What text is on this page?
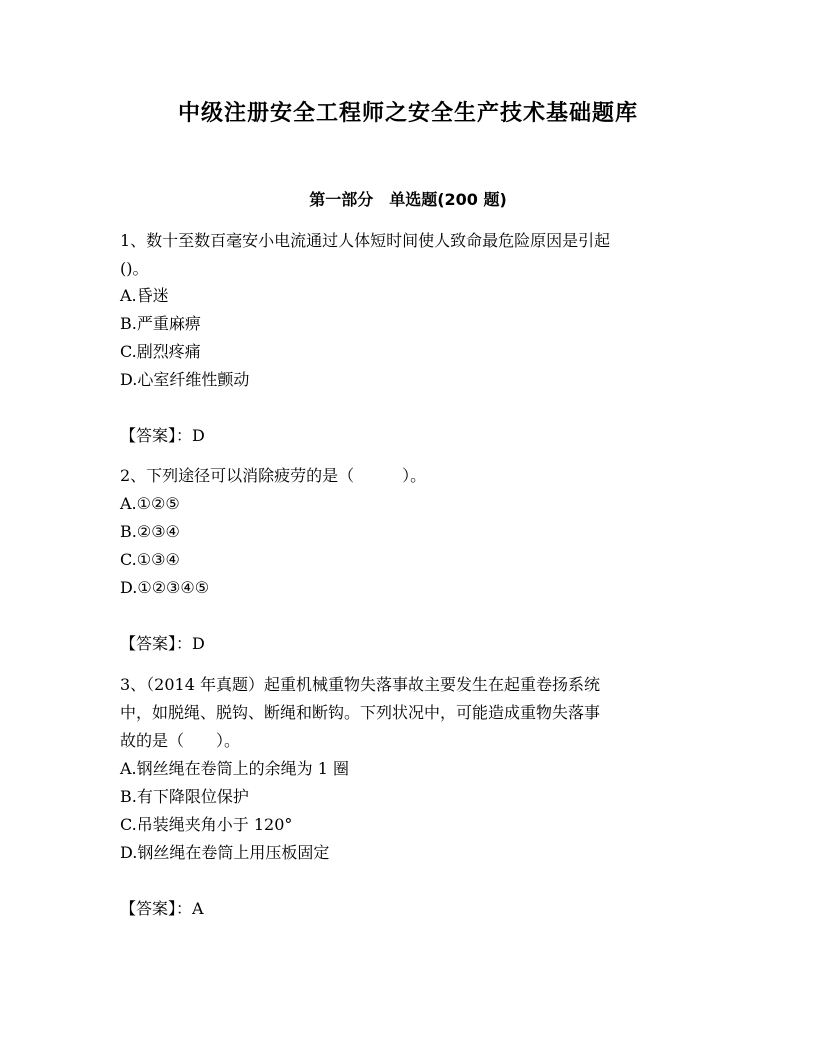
中级注册安全工程师之安全生产技术基础题库
第一部分　单选题(200 题)
1、数十至数百毫安小电流通过人体短时间使人致命最危险原因是引起
()。
A.昏迷
B.严重麻痹
C.剧烈疼痛
D.心室纤维性颤动
【答案】：D
2、下列途径可以消除疲劳的是（　　　）。
A.①②⑤
B.②③④
C.①③④
D.①②③④⑤
【答案】：D
3、（2014 年真题）起重机械重物失落事故主要发生在起重卷扬系统
中，如脱绳、脱钩、断绳和断钩。下列状况中，可能造成重物失落事
故的是（　　）。
A.钢丝绳在卷筒上的余绳为 1 圈
B.有下降限位保护
C.吊装绳夹角小于 120°
D.钢丝绳在卷筒上用压板固定
【答案】：A
